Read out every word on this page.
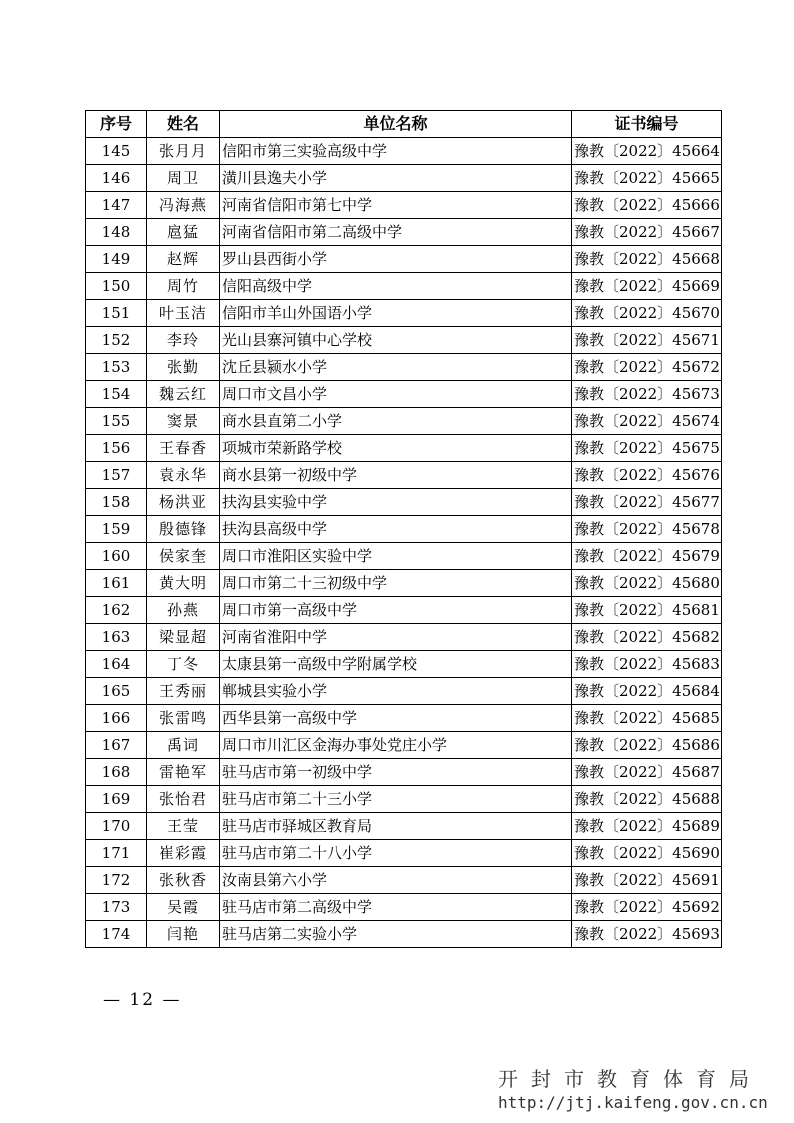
序号	姓名	单位名称	证书编号
145	张月月	信阳市第三实验高级中学	豫教〔2022〕45664
146	周卫	潢川县逸夫小学	豫教〔2022〕45665
147	冯海燕	河南省信阳市第七中学	豫教〔2022〕45666
148	扈猛	河南省信阳市第二高级中学	豫教〔2022〕45667
149	赵辉	罗山县西街小学	豫教〔2022〕45668
150	周竹	信阳高级中学	豫教〔2022〕45669
151	叶玉洁	信阳市羊山外国语小学	豫教〔2022〕45670
152	李玲	光山县寨河镇中心学校	豫教〔2022〕45671
153	张勤	沈丘县颍水小学	豫教〔2022〕45672
154	魏云红	周口市文昌小学	豫教〔2022〕45673
155	窦景	商水县直第二小学	豫教〔2022〕45674
156	王春香	项城市荣新路学校	豫教〔2022〕45675
157	袁永华	商水县第一初级中学	豫教〔2022〕45676
158	杨洪亚	扶沟县实验中学	豫教〔2022〕45677
159	殷德锋	扶沟县高级中学	豫教〔2022〕45678
160	侯家奎	周口市淮阳区实验中学	豫教〔2022〕45679
161	黄大明	周口市第二十三初级中学	豫教〔2022〕45680
162	孙燕	周口市第一高级中学	豫教〔2022〕45681
163	梁显超	河南省淮阳中学	豫教〔2022〕45682
164	丁冬	太康县第一高级中学附属学校	豫教〔2022〕45683
165	王秀丽	郸城县实验小学	豫教〔2022〕45684
166	张雷鸣	西华县第一高级中学	豫教〔2022〕45685
167	禹词	周口市川汇区金海办事处党庄小学	豫教〔2022〕45686
168	雷艳军	驻马店市第一初级中学	豫教〔2022〕45687
169	张怡君	驻马店市第二十三小学	豫教〔2022〕45688
170	王莹	驻马店市驿城区教育局	豫教〔2022〕45689
171	崔彩霞	驻马店市第二十八小学	豫教〔2022〕45690
172	张秋香	汝南县第六小学	豫教〔2022〕45691
173	吴霞	驻马店市第二高级中学	豫教〔2022〕45692
174	闫艳	驻马店第二实验小学	豫教〔2022〕45693
— 12 —
开封市教育体育局
http://jtj.kaifeng.gov.cn.cn
